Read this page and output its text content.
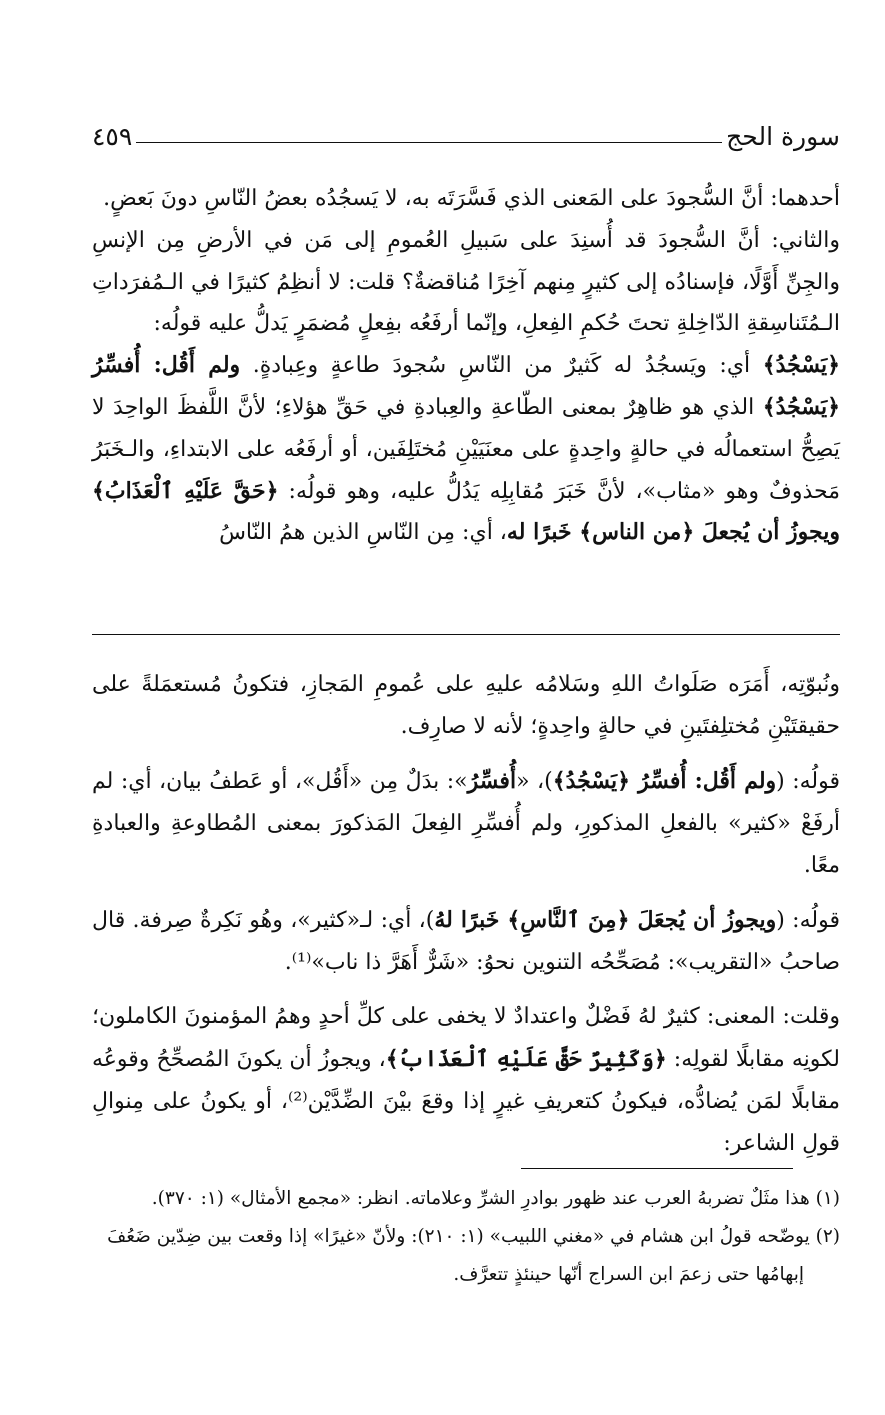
سورة الحج
٤٥٩

أحدهما: أنَّ السُّجودَ على المَعنى الذي فَسَّرَتَه به، لا يَسجُدُه بعضُ النّاسِ دونَ بَعضٍ.

والثاني: أنَّ السُّجودَ قد أُسنِدَ على سَبيلِ العُمومِ إلى مَن في الأرضِ مِن الإنسِ والجِنِّ أَوَّلًا، فإسنادُه إلى كثيرٍ مِنهم آخِرًا مُناقضةٌ؟ قلت: لا أنظِمُ كثيرًا في الـمُفرَداتِ الـمُتَناسِقةِ الدّاخِلةِ تحتَ حُكمِ الفِعلِ، وإنّما أرفَعُه بفِعلٍ مُضمَرٍ يَدلُّ عليه قولُه:

﴿يَسْجُدُ﴾ أي: ويَسجُدُ له كَثيرٌ من النّاسِ سُجودَ طاعةٍ وعِبادةٍ. ولم أَقُل: أُفسِّرُ ﴿يَسْجُدُ﴾ الذي هو ظاهِرٌ بمعنى الطّاعةِ والعِبادةِ في حَقِّ هؤلاءِ؛ لأنَّ اللَّفظَ الواحِدَ لا يَصِحُّ استعمالُه في حالةٍ واحِدةٍ على معنَيَيْنِ مُختَلِفَين، أو أرفَعُه على الابتداءِ، والـخَبَرُ مَحذوفٌ وهو «مثاب»، لأنَّ خَبَرَ مُقابِلِه يَدُلُّ عليه، وهو قولُه: ﴿حَقَّ عَلَيْهِ ٱلْعَذَابُ﴾ ويجوزُ أن يُجعلَ ﴿من الناس﴾ خَبرًا له، أي: مِن النّاسِ الذين همُ النّاسُ

ونُبوّتِه، أَمَرَه صَلَواتُ اللهِ وسَلامُه عليهِ على عُمومِ المَجازِ، فتكونُ مُستعمَلةً على حقيقتَيْنِ مُختلِفتَينِ في حالةٍ واحِدةٍ؛ لأنه لا صارِف.

قولُه: (ولم أَقُل: أُفسِّرُ ﴿يَسْجُدُ﴾)، «أُفسِّرُ»: بدَلٌ مِن «أَقُل»، أو عَطفُ بيان، أي: لم أرفَعْ «كثير» بالفعلِ المذكورِ، ولم أُفسِّرِ الفِعلَ المَذكورَ بمعنى المُطاوعةِ والعبادةِ معًا.

قولُه: (ويجوزُ أن يُجعَلَ ﴿مِنَ ٱلنَّاسِ﴾ خَبرًا لهُ)، أي: لـ«كثير»، وهُو نَكِرةٌ صِرفة. قال صاحبُ «التقريب»: مُصَحِّحُه التنوين نحوُ: «شَرٌّ أَهَرَّ ذا ناب»⁽¹⁾.

وقلت: المعنى: كثيرٌ لهُ فَضْلٌ واعتدادٌ لا يخفى على كلِّ أحدٍ وهمُ المؤمنونَ الكاملون؛ لكونِه مقابلًا لقولِه: ﴿وَكَثِيرٌ حَقَّ عَلَيْهِ ٱلْعَذَابُ﴾، ويجوزُ أن يكونَ المُصحِّحُ وقوعُه مقابلًا لمَن يُضادُّه، فيكونُ كتعريفِ غيرٍ إذا وقعَ بيْنَ الضِّدَّيْن⁽²⁾، أو يكونُ على مِنوالِ قولِ الشاعر:

(١) هذا مثَلٌ تضربهُ العرب عند ظهور بوادرِ الشرِّ وعلاماته. انظر: «مجمع الأمثال» (١: ٣٧٠).

(٢) يوضّحه قولُ ابن هشام في «مغني اللبيب» (١: ٢١٠): ولأنّ «غيرًا» إذا وقعت بين ضِدّين ضَعُفَ

إبهامُها حتى زعمَ ابن السراج أنّها حينئذٍ تتعرَّف.
